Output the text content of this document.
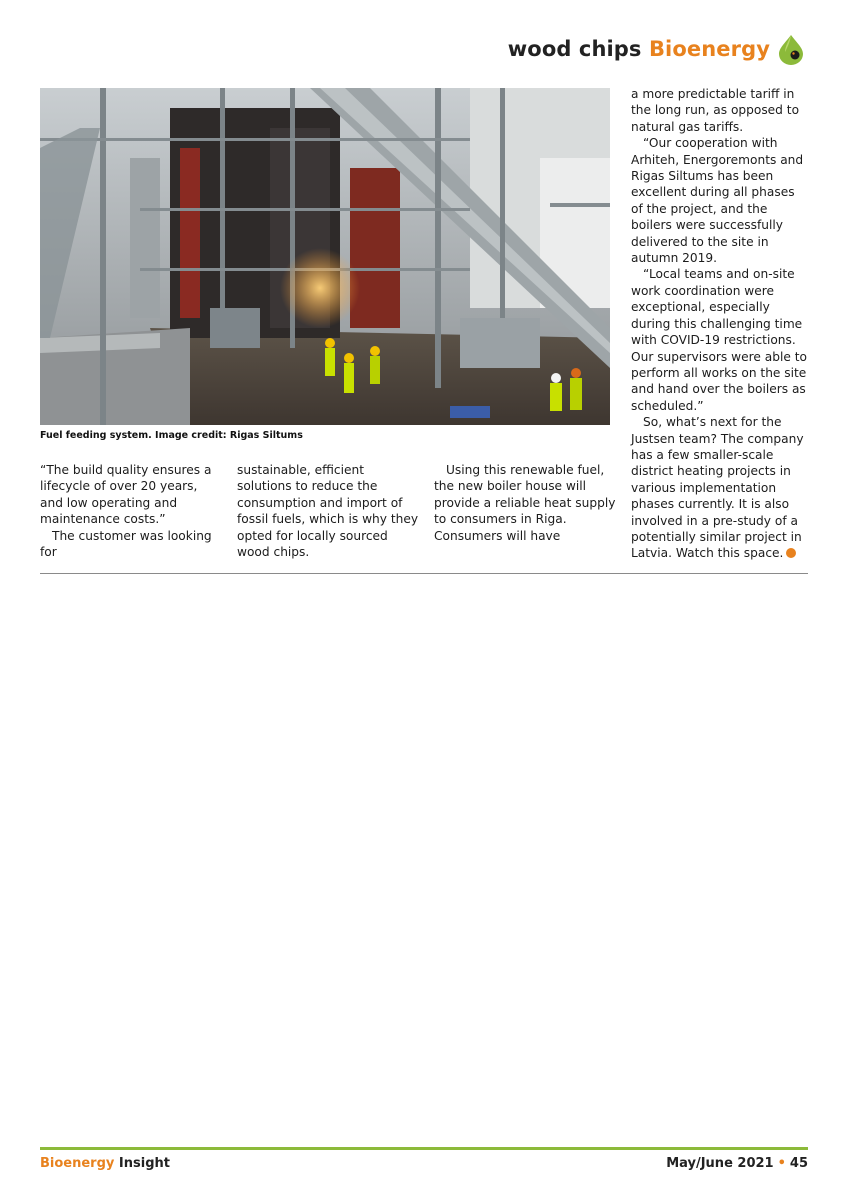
wood chips Bioenergy
Fuel feeding system. Image credit: Rigas Siltums

“The build quality ensures a lifecycle of over 20 years, and low operating and maintenance costs.”

The customer was looking for

sustainable, efficient solutions to reduce the consumption and import of fossil fuels, which is why they opted for locally sourced wood chips.

Using this renewable fuel, the new boiler house will provide a reliable heat supply to consumers in Riga. Consumers will have

a more predictable tariff in the long run, as opposed to natural gas tariffs.

“Our cooperation with Arhiteh, Energoremonts and Rigas Siltums has been excellent during all phases of the project, and the boilers were successfully delivered to the site in autumn 2019.

“Local teams and on-site work coordination were exceptional, especially during this challenging time with COVID-19 restrictions. Our supervisors were able to perform all works on the site and hand over the boilers as scheduled.”

So, what’s next for the Justsen team? The company has a few smaller-scale district heating projects in various implementation phases currently. It is also involved in a pre-study of a potentially similar project in Latvia. Watch this space.

Bioenergy Insight	May/June 2021 • 45
